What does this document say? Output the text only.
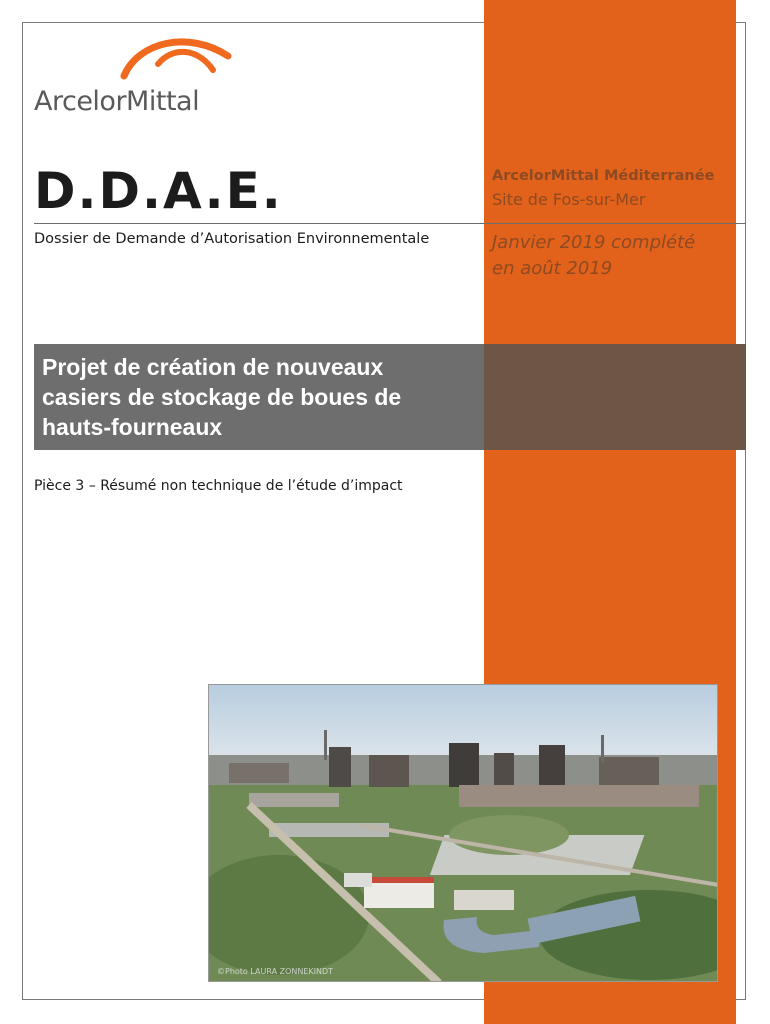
ArcelorMittal
D.D.A.E.
Dossier de Demande d’Autorisation Environnementale
ArcelorMittal Méditerranée
Site de Fos-sur-Mer
Janvier 2019 complété
en août 2019
Projet de création de nouveaux
casiers de stockage de boues de
hauts-fourneaux
Pièce 3 – Résumé non technique de l’étude d’impact
©Photo LAURA ZONNEKINDT
